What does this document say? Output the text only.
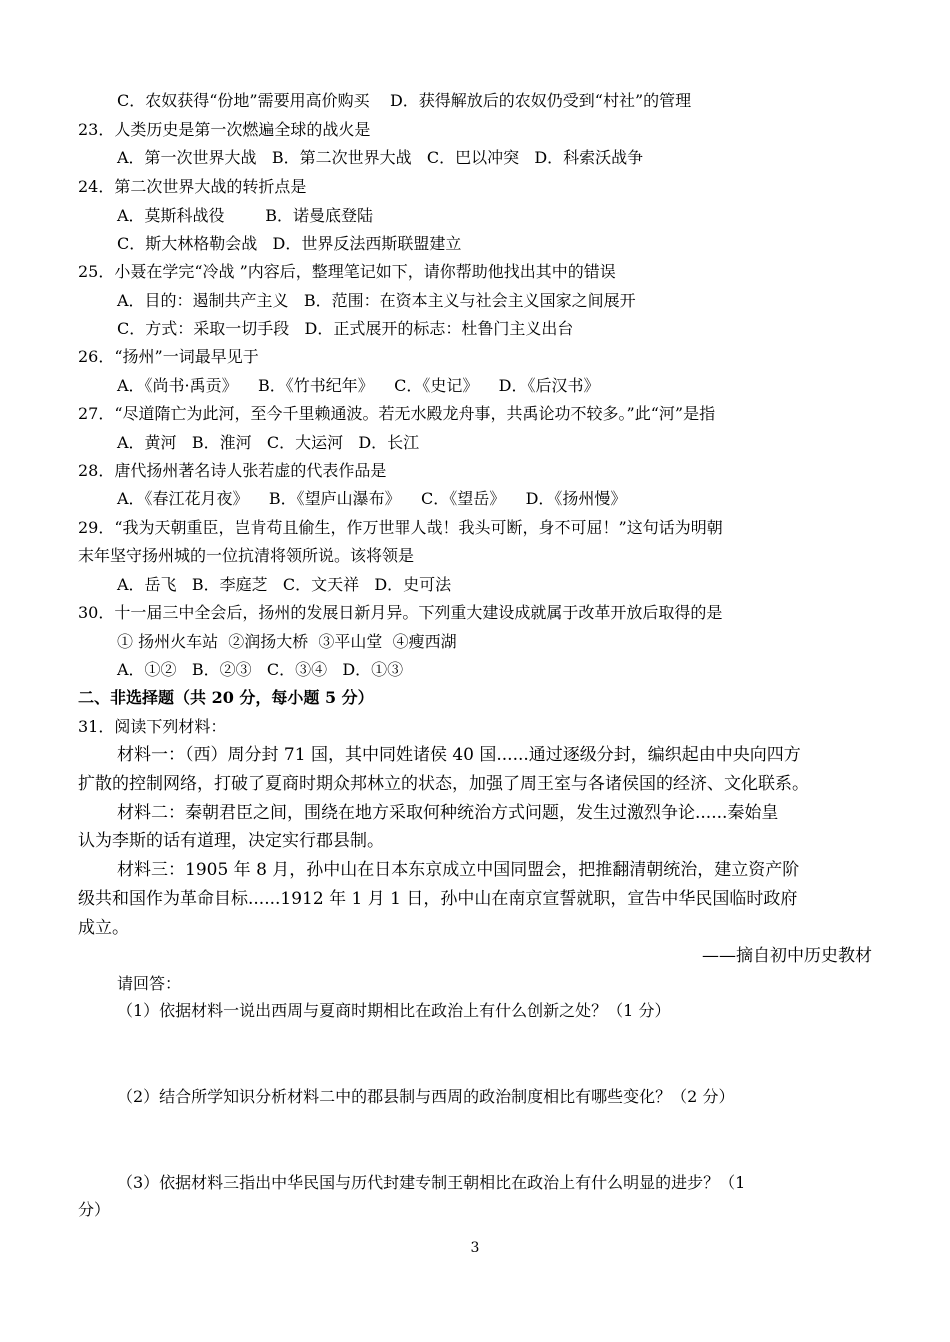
C．农奴获得“份地”需要用高价购买    D．获得解放后的农奴仍受到“村社”的管理
23．人类历史是第一次燃遍全球的战火是
A．第一次世界大战   B．第二次世界大战   C．巴以冲突   D．科索沃战争
24．第二次世界大战的转折点是
A．莫斯科战役        B．诺曼底登陆
C．斯大林格勒会战   D．世界反法西斯联盟建立
25．小聂在学完“冷战 ”内容后，整理笔记如下，请你帮助他找出其中的错误
A．目的：遏制共产主义   B．范围：在资本主义与社会主义国家之间展开
C．方式：采取一切手段   D．正式展开的标志：杜鲁门主义出台
26．“扬州”一词最早见于
A．《尚书·禹贡》    B．《竹书纪年》    C．《史记》    D．《后汉书》
27．“尽道隋亡为此河，至今千里赖通波。若无水殿龙舟事，共禹论功不较多。”此“河”是指
A．黄河   B．淮河   C．大运河   D．长江
28．唐代扬州著名诗人张若虚的代表作品是
A．《春江花月夜》    B．《望庐山瀑布》    C．《望岳》    D．《扬州慢》
29．“我为天朝重臣，岂肯苟且偷生，作万世罪人哉！我头可断，身不可屈！”这句话为明朝
末年坚守扬州城的一位抗清将领所说。该将领是
A．岳飞   B．李庭芝   C．文天祥   D．史可法
30．十一届三中全会后，扬州的发展日新月异。下列重大建设成就属于改革开放后取得的是
① 扬州火车站  ②润扬大桥  ③平山堂  ④瘦西湖
A．①②   B．②③   C．③④   D．①③
二、非选择题（共 20 分，每小题 5 分）
31．阅读下列材料：
材料一：（西）周分封 71 国，其中同姓诸侯 40 国......通过逐级分封，编织起由中央向四方
扩散的控制网络，打破了夏商时期众邦林立的状态，加强了周王室与各诸侯国的经济、文化联系。
材料二：秦朝君臣之间，围绕在地方采取何种统治方式问题，发生过激烈争论......秦始皇
认为李斯的话有道理，决定实行郡县制。
材料三：1905 年 8 月，孙中山在日本东京成立中国同盟会，把推翻清朝统治，建立资产阶
级共和国作为革命目标......1912 年 1 月 1 日，孙中山在南京宣誓就职，宣告中华民国临时政府
成立。
——摘自初中历史教材
请回答：
（1）依据材料一说出西周与夏商时期相比在政治上有什么创新之处？（1 分）
（2）结合所学知识分析材料二中的郡县制与西周的政治制度相比有哪些变化？（2 分）
（3）依据材料三指出中华民国与历代封建专制王朝相比在政治上有什么明显的进步？（1
分）
3
